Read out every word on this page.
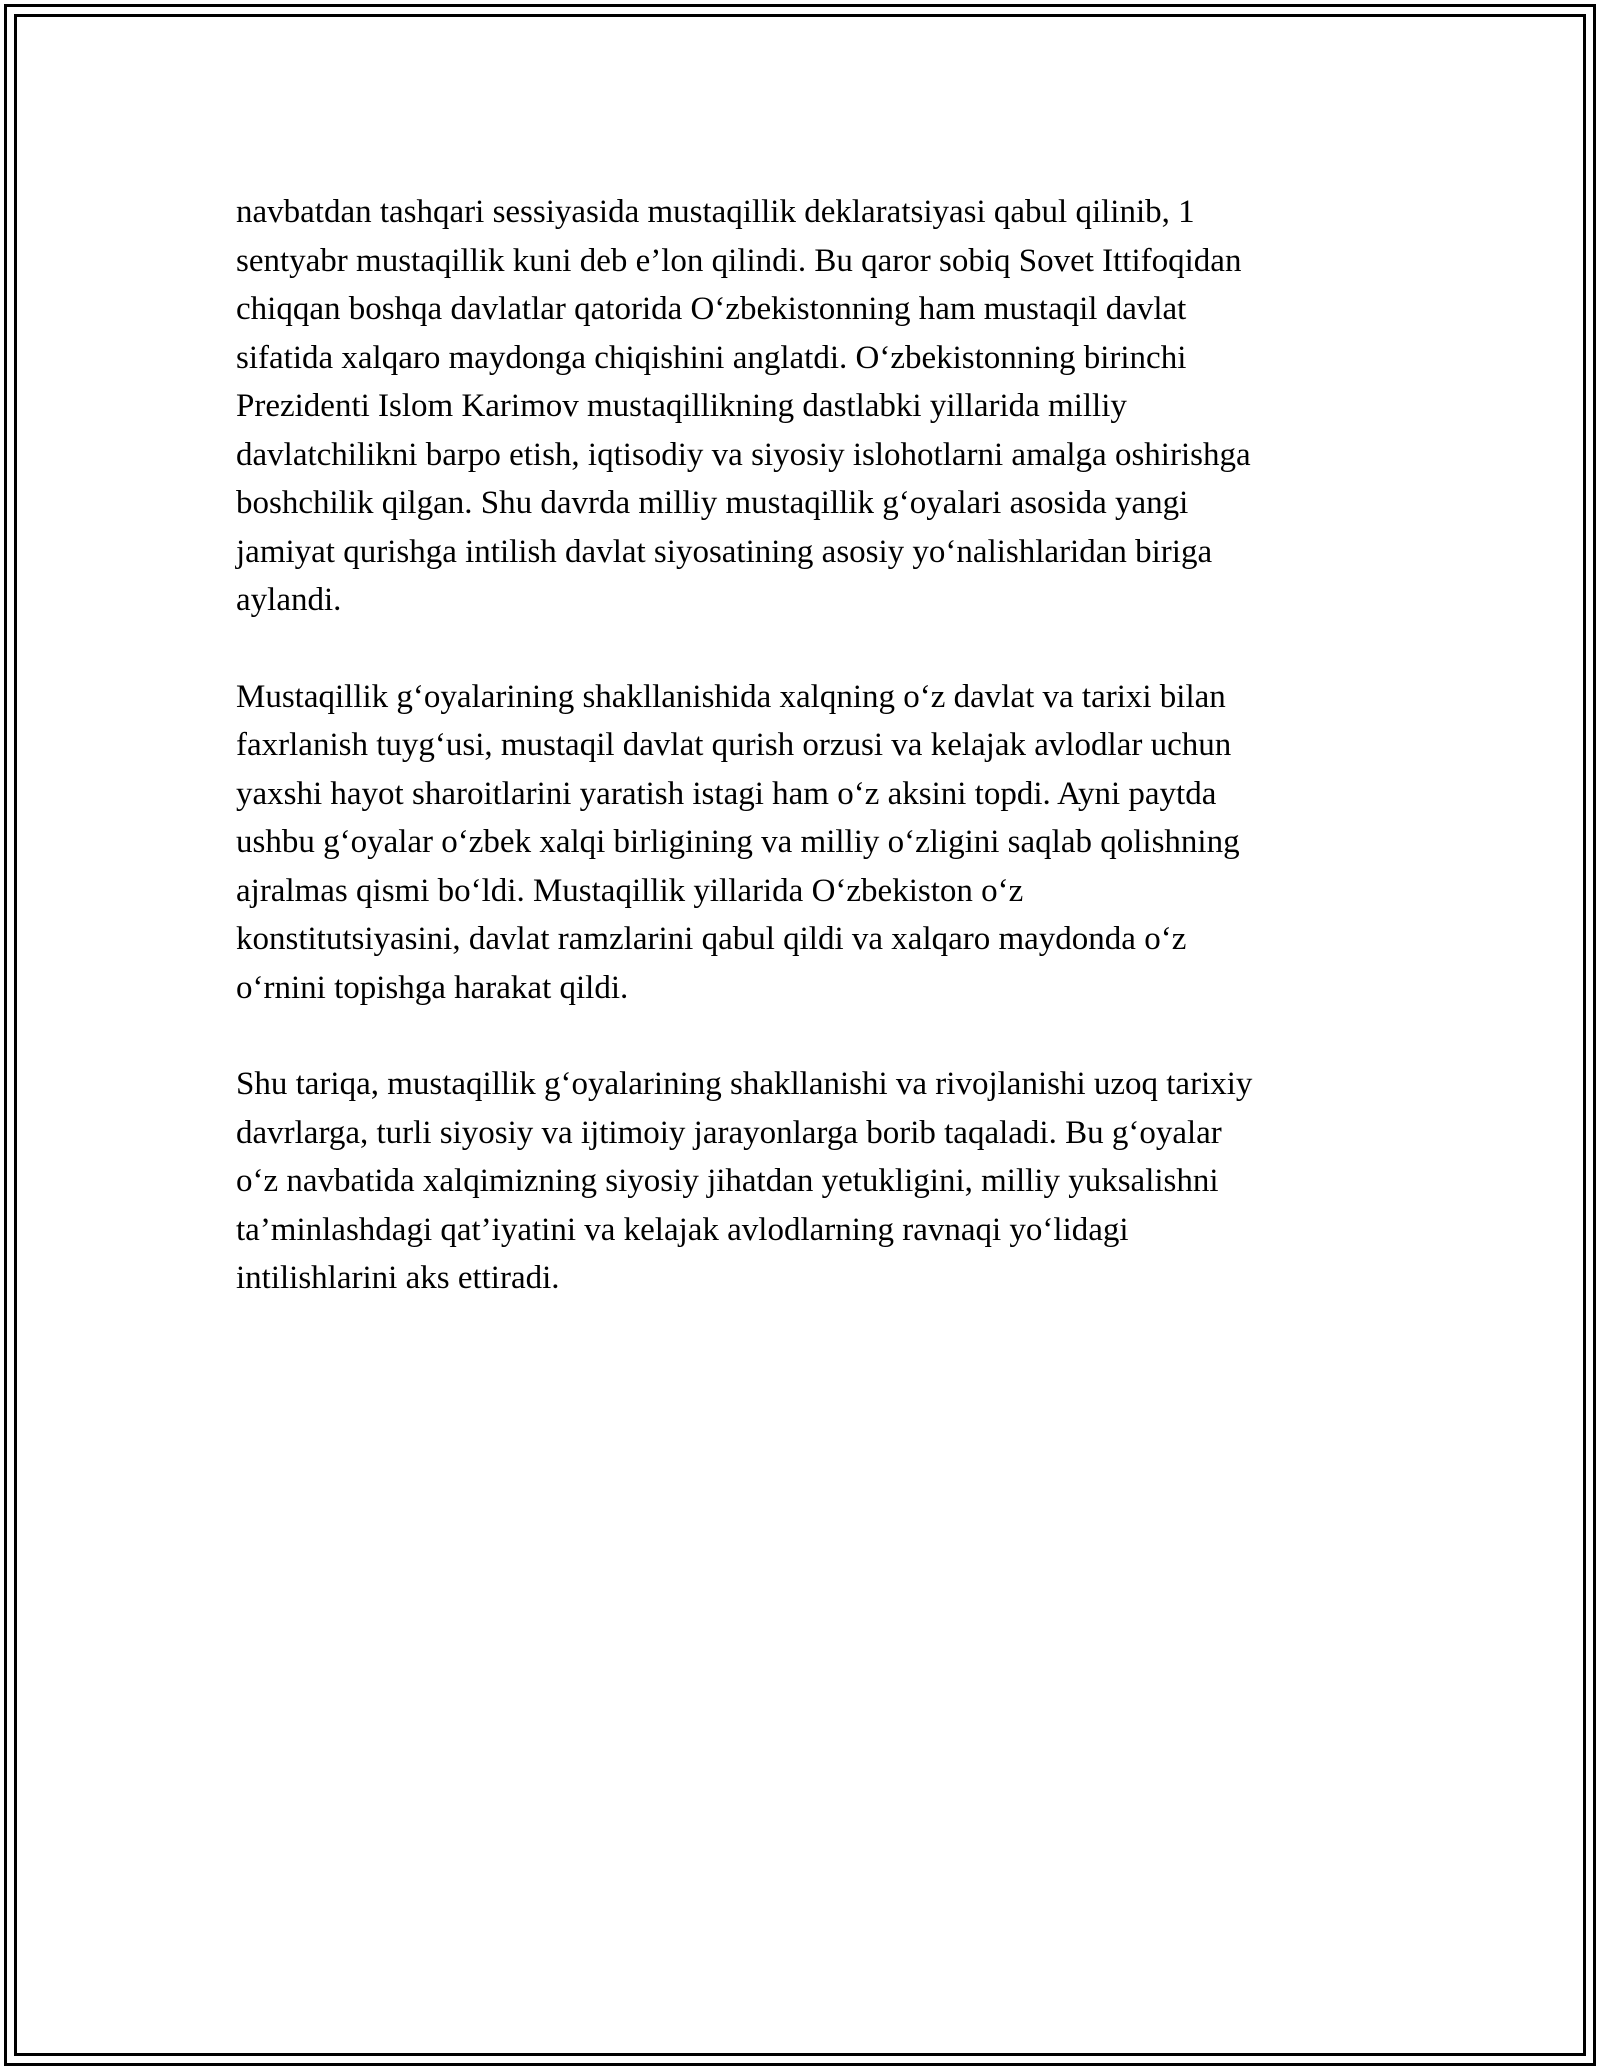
navbatdan tashqari sessiyasida mustaqillik deklaratsiyasi qabul qilinib, 1
sentyabr mustaqillik kuni deb e’lon qilindi. Bu qaror sobiq Sovet Ittifoqidan
chiqqan boshqa davlatlar qatorida O‘zbekistonning ham mustaqil davlat
sifatida xalqaro maydonga chiqishini anglatdi. O‘zbekistonning birinchi
Prezidenti Islom Karimov mustaqillikning dastlabki yillarida milliy
davlatchilikni barpo etish, iqtisodiy va siyosiy islohotlarni amalga oshirishga
boshchilik qilgan. Shu davrda milliy mustaqillik g‘oyalari asosida yangi
jamiyat qurishga intilish davlat siyosatining asosiy yo‘nalishlaridan biriga
aylandi.

Mustaqillik g‘oyalarining shakllanishida xalqning o‘z davlat va tarixi bilan
faxrlanish tuyg‘usi, mustaqil davlat qurish orzusi va kelajak avlodlar uchun
yaxshi hayot sharoitlarini yaratish istagi ham o‘z aksini topdi. Ayni paytda
ushbu g‘oyalar o‘zbek xalqi birligining va milliy o‘zligini saqlab qolishning
ajralmas qismi bo‘ldi. Mustaqillik yillarida O‘zbekiston o‘z
konstitutsiyasini, davlat ramzlarini qabul qildi va xalqaro maydonda o‘z
o‘rnini topishga harakat qildi.

Shu tariqa, mustaqillik g‘oyalarining shakllanishi va rivojlanishi uzoq tarixiy
davrlarga, turli siyosiy va ijtimoiy jarayonlarga borib taqaladi. Bu g‘oyalar
o‘z navbatida xalqimizning siyosiy jihatdan yetukligini, milliy yuksalishni
ta’minlashdagi qat’iyatini va kelajak avlodlarning ravnaqi yo‘lidagi
intilishlarini aks ettiradi.
